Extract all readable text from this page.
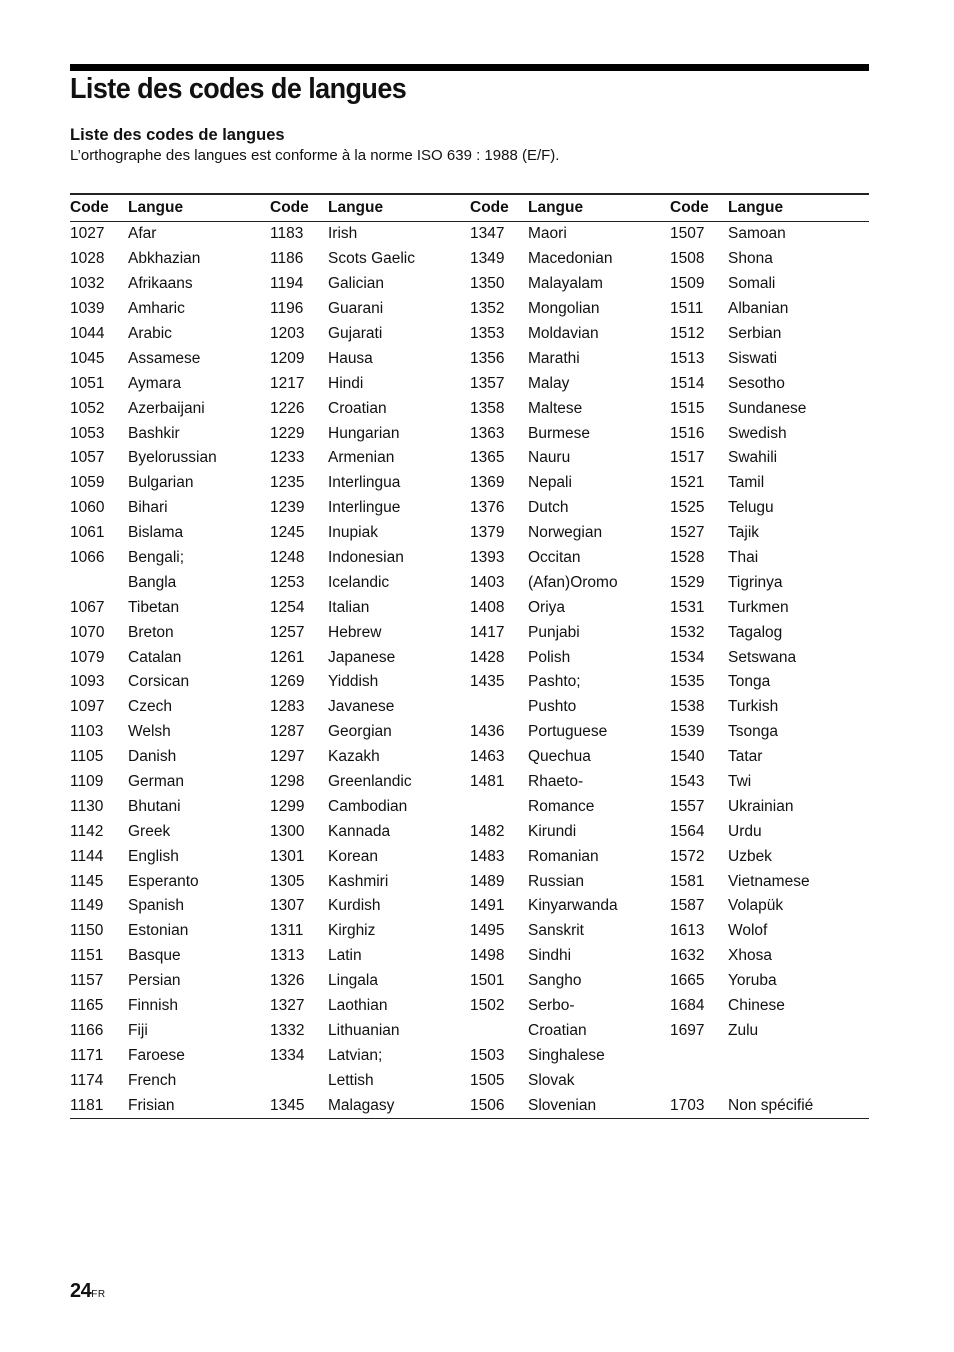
Liste des codes de langues
Liste des codes de langues

L’orthographe des langues est conforme à la norme ISO 639 : 1988 (E/F).

Code	Langue	Code	Langue	Code	Langue	Code	Langue
1027	Afar	1183	Irish	1347	Maori	1507	Samoan
1028	Abkhazian	1186	Scots Gaelic	1349	Macedonian	1508	Shona
1032	Afrikaans	1194	Galician	1350	Malayalam	1509	Somali
1039	Amharic	1196	Guarani	1352	Mongolian	1511	Albanian
1044	Arabic	1203	Gujarati	1353	Moldavian	1512	Serbian
1045	Assamese	1209	Hausa	1356	Marathi	1513	Siswati
1051	Aymara	1217	Hindi	1357	Malay	1514	Sesotho
1052	Azerbaijani	1226	Croatian	1358	Maltese	1515	Sundanese
1053	Bashkir	1229	Hungarian	1363	Burmese	1516	Swedish
1057	Byelorussian	1233	Armenian	1365	Nauru	1517	Swahili
1059	Bulgarian	1235	Interlingua	1369	Nepali	1521	Tamil
1060	Bihari	1239	Interlingue	1376	Dutch	1525	Telugu
1061	Bislama	1245	Inupiak	1379	Norwegian	1527	Tajik
1066	Bengali;	1248	Indonesian	1393	Occitan	1528	Thai
	Bangla	1253	Icelandic	1403	(Afan)Oromo	1529	Tigrinya
1067	Tibetan	1254	Italian	1408	Oriya	1531	Turkmen
1070	Breton	1257	Hebrew	1417	Punjabi	1532	Tagalog
1079	Catalan	1261	Japanese	1428	Polish	1534	Setswana
1093	Corsican	1269	Yiddish	1435	Pashto;	1535	Tonga
1097	Czech	1283	Javanese		Pushto	1538	Turkish
1103	Welsh	1287	Georgian	1436	Portuguese	1539	Tsonga
1105	Danish	1297	Kazakh	1463	Quechua	1540	Tatar
1109	German	1298	Greenlandic	1481	Rhaeto-	1543	Twi
1130	Bhutani	1299	Cambodian		Romance	1557	Ukrainian
1142	Greek	1300	Kannada	1482	Kirundi	1564	Urdu
1144	English	1301	Korean	1483	Romanian	1572	Uzbek
1145	Esperanto	1305	Kashmiri	1489	Russian	1581	Vietnamese
1149	Spanish	1307	Kurdish	1491	Kinyarwanda	1587	Volapük
1150	Estonian	1311	Kirghiz	1495	Sanskrit	1613	Wolof
1151	Basque	1313	Latin	1498	Sindhi	1632	Xhosa
1157	Persian	1326	Lingala	1501	Sangho	1665	Yoruba
1165	Finnish	1327	Laothian	1502	Serbo-	1684	Chinese
1166	Fiji	1332	Lithuanian		Croatian	1697	Zulu
1171	Faroese	1334	Latvian;	1503	Singhalese		
1174	French		Lettish	1505	Slovak		
1181	Frisian	1345	Malagasy	1506	Slovenian	1703	Non spécifié
24FR
